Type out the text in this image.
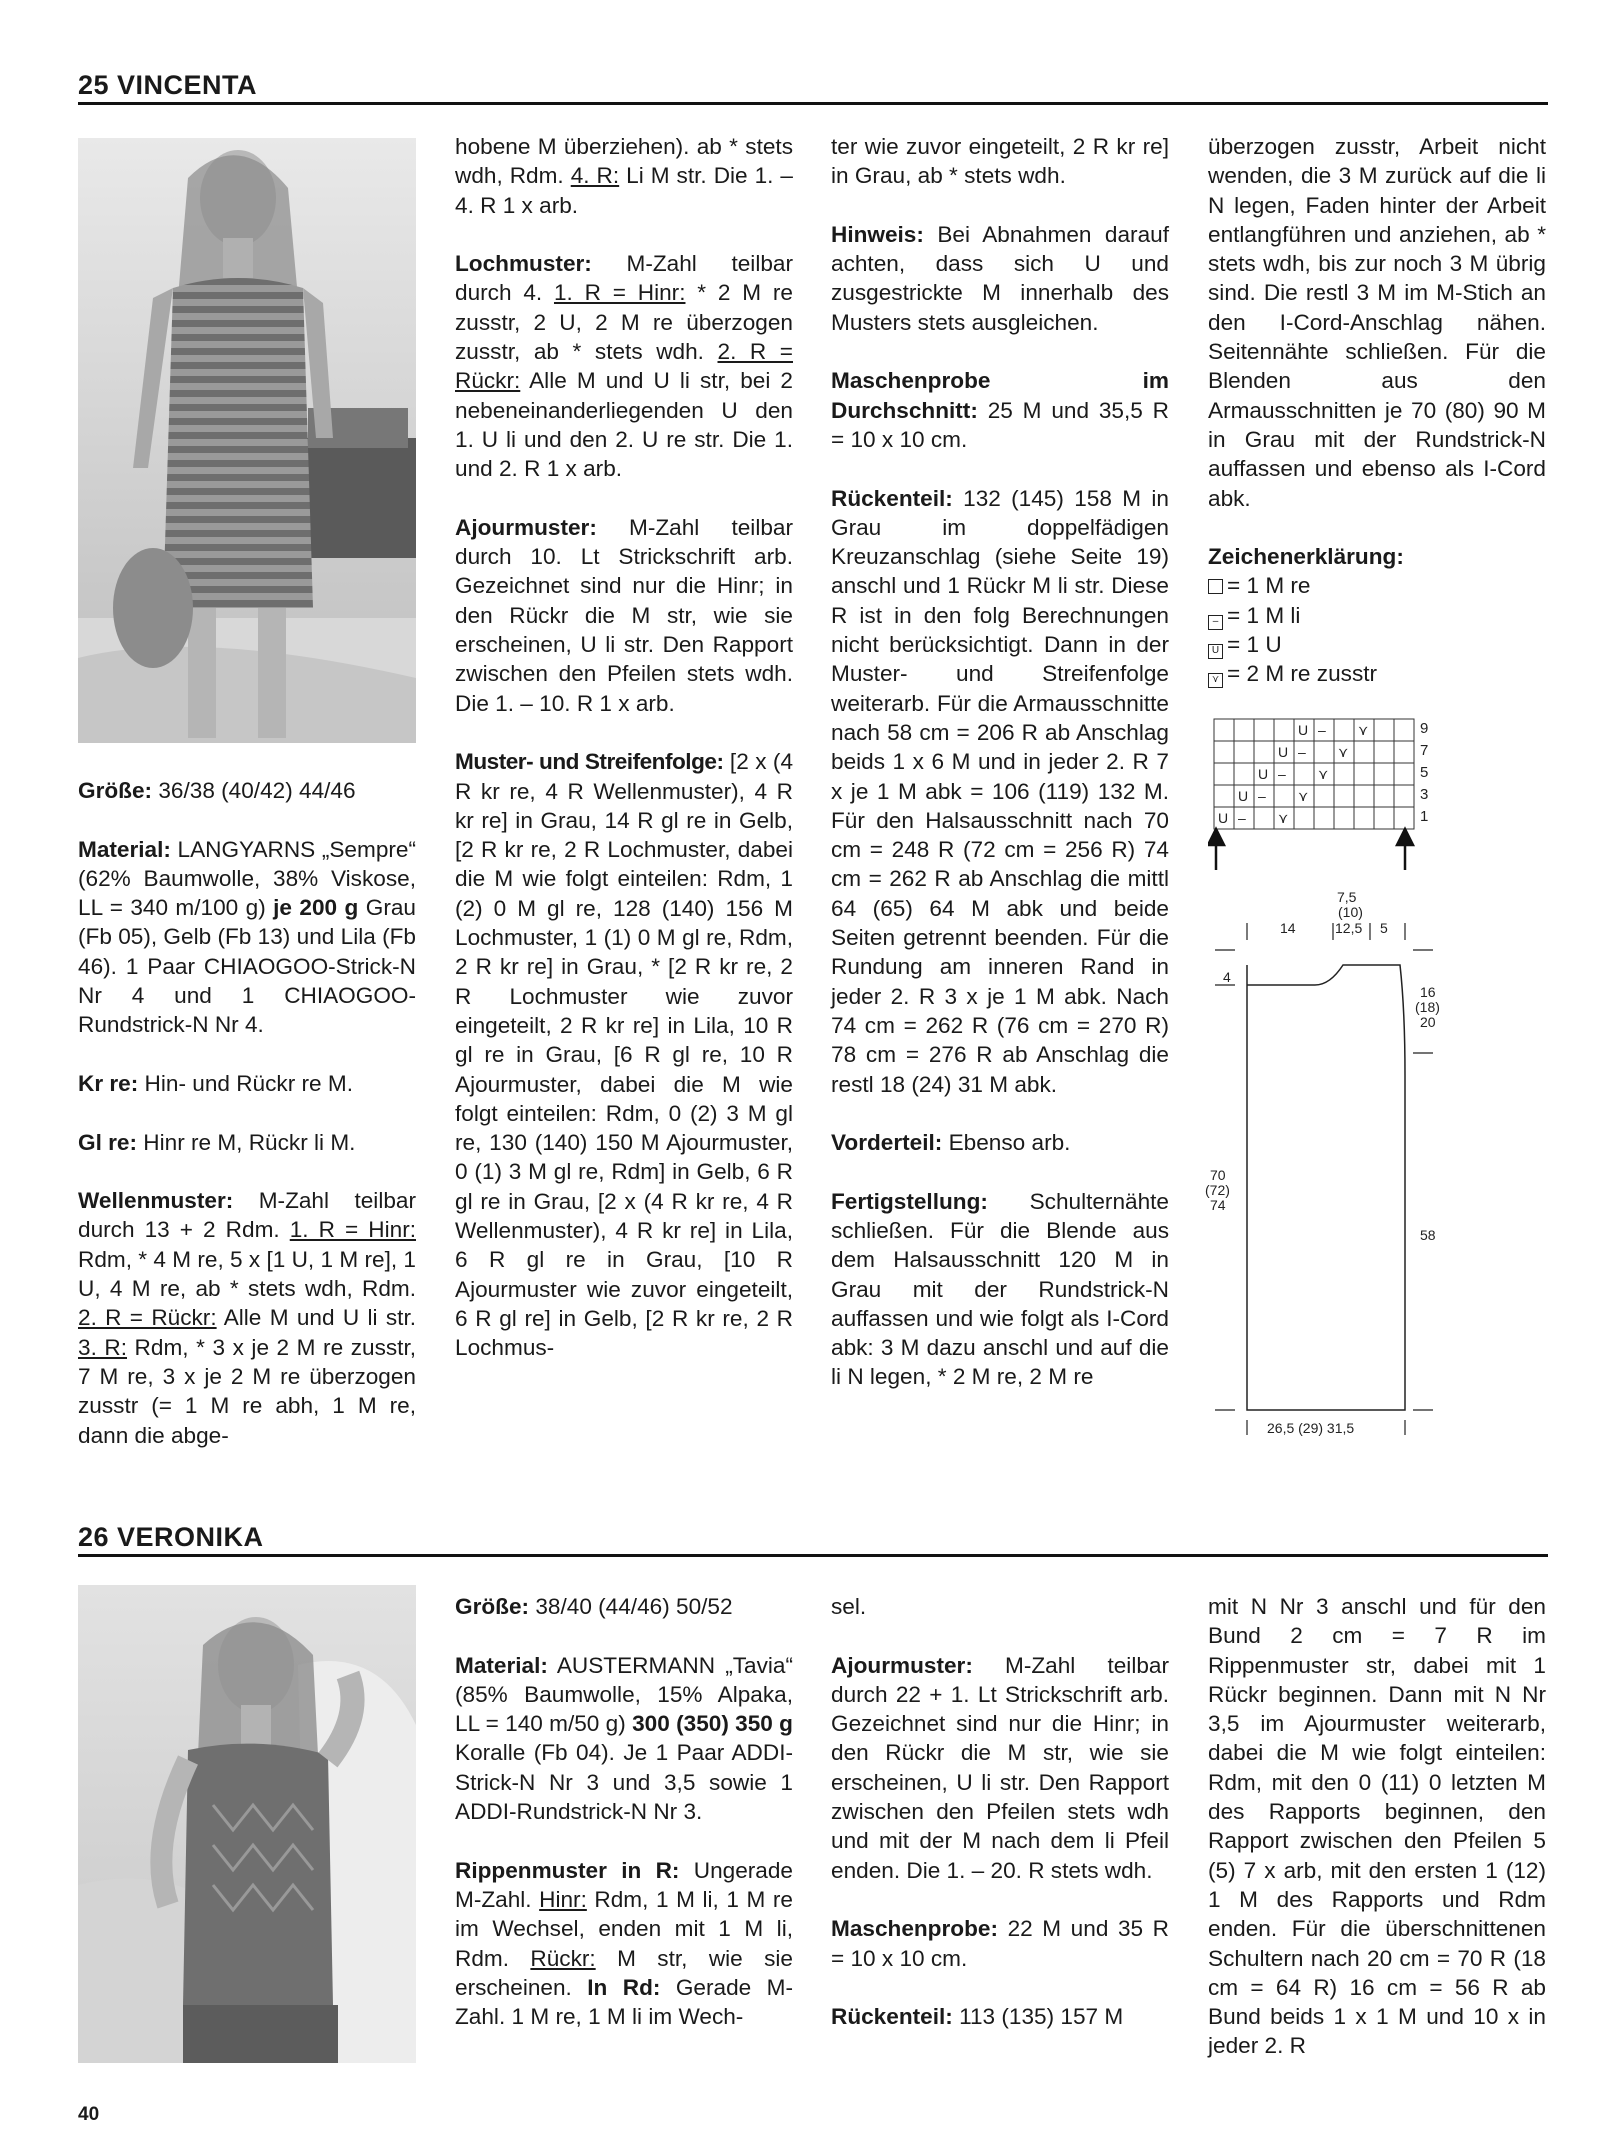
25 VINCENTA

Größe: 36/38 (40/42) 44/46

Material: LANGYARNS „Sempre“ (62% Baumwolle, 38% Viskose, LL = 340 m/100 g) je 200 g Grau (Fb 05), Gelb (Fb 13) und Lila (Fb 46). 1 Paar CHIAOGOO-Strick-N Nr 4 und 1 CHIAOGOO-Rundstrick-N Nr 4.

Kr re: Hin- und Rückr re M.

Gl re: Hinr re M, Rückr li M.

Wellenmuster: M-Zahl teilbar durch 13 + 2 Rdm. 1. R = Hinr: Rdm, * 4 M re, 5 x [1 U, 1 M re], 1 U, 4 M re, ab * stets wdh, Rdm. 2. R = Rückr: Alle M und U li str. 3. R: Rdm, * 3 x je 2 M re zusstr, 7 M re, 3 x je 2 M re überzogen zusstr (= 1 M re abh, 1 M re, dann die abge-

hobene M überziehen). ab * stets wdh, Rdm. 4. R: Li M str. Die 1. – 4. R 1 x arb.

Lochmuster: M-Zahl teilbar durch 4. 1. R = Hinr: * 2 M re zusstr, 2 U, 2 M re überzogen zusstr, ab * stets wdh. 2. R = Rückr: Alle M und U li str, bei 2 nebeneinanderliegenden U den 1. U li und den 2. U re str. Die 1. und 2. R 1 x arb.

Ajourmuster: M-Zahl teilbar durch 10. Lt Strickschrift arb. Gezeichnet sind nur die Hinr; in den Rückr die M str, wie sie erscheinen, U li str. Den Rapport zwischen den Pfeilen stets wdh. Die 1. – 10. R 1 x arb.

Muster- und Streifenfolge: [2 x (4 R kr re, 4 R Wellenmuster), 4 R kr re] in Grau, 14 R gl re in Gelb, [2 R kr re, 2 R Lochmuster, dabei die M wie folgt einteilen: Rdm, 1 (2) 0 M gl re, 128 (140) 156 M Lochmuster, 1 (1) 0 M gl re, Rdm, 2 R kr re] in Grau, * [2 R kr re, 2 R Lochmuster wie zuvor eingeteilt, 2 R kr re] in Lila, 10 R gl re in Grau, [6 R gl re, 10 R Ajourmuster, dabei die M wie folgt einteilen: Rdm, 0 (2) 3 M gl re, 130 (140) 150 M Ajourmuster, 0 (1) 3 M gl re, Rdm] in Gelb, 6 R gl re in Grau, [2 x (4 R kr re, 4 R Wellenmuster), 4 R kr re] in Lila, 6 R gl re in Grau, [10 R Ajourmuster wie zuvor eingeteilt, 6 R gl re] in Gelb, [2 R kr re, 2 R Lochmus-

ter wie zuvor eingeteilt, 2 R kr re] in Grau, ab * stets wdh.

Hinweis: Bei Abnahmen darauf achten, dass sich U und zusgestrickte M innerhalb des Musters stets ausgleichen.

Maschenprobe im Durchschnitt: 25 M und 35,5 R = 10 x 10 cm.

Rückenteil: 132 (145) 158 M in Grau im doppelfädigen Kreuzanschlag (siehe Seite 19) anschl und 1 Rückr M li str. Diese R ist in den folg Berechnungen nicht berücksichtigt. Dann in der Muster- und Streifenfolge weiterarb. Für die Armausschnitte nach 58 cm = 206 R ab Anschlag beids 1 x 6 M und in jeder 2. R 7 x je 1 M abk = 106 (119) 132 M. Für den Halsausschnitt nach 70 cm = 248 R (72 cm = 256 R) 74 cm = 262 R ab Anschlag die mittl 64 (65) 64 M abk und beide Seiten getrennt beenden. Für die Rundung am inneren Rand in jeder 2. R 3 x je 1 M abk. Nach 74 cm = 262 R (76 cm = 270 R) 78 cm = 276 R ab Anschlag die restl 18 (24) 31 M abk.

Vorderteil: Ebenso arb.

Fertigstellung: Schulternähte schließen. Für die Blende aus dem Halsausschnitt 120 M in Grau mit der Rundstrick-N auffassen und wie folgt als I-Cord abk: 3 M dazu anschl und auf die li N legen, * 2 M re, 2 M re

überzogen zusstr, Arbeit nicht wenden, die 3 M zurück auf die li N legen, Faden hinter der Arbeit entlangführen und anziehen, ab * stets wdh, bis zur noch 3 M übrig sind. Die restl 3 M im M-Stich an den I-Cord-Anschlag nähen. Seitennähte schließen. Für die Blenden aus den Armausschnitten je 70 (80) 90 M in Grau mit der Rundstrick-N auffassen und ebenso als I-Cord abk.

Zeichenerklärung:
= 1 M re
– = 1 M li
U = 1 U
⋎ = 2 M re zusstr

U – ⋎
U – ⋎
U – ⋎
U – ⋎
U – ⋎
9
7
5
3
1
7,5
(10)
12,5
14	5
4
16
(18)
20
70
(72)
74
58
26,5 (29) 31,5
26 VERONIKA

Größe: 38/40 (44/46) 50/52

Material: AUSTERMANN „Tavia“ (85% Baumwolle, 15% Alpaka, LL = 140 m/50 g) 300 (350) 350 g Koralle (Fb 04). Je 1 Paar ADDI-Strick-N Nr 3 und 3,5 sowie 1 ADDI-Rundstrick-N Nr 3.

Rippenmuster in R: Ungerade M-Zahl. Hinr: Rdm, 1 M li, 1 M re im Wechsel, enden mit 1 M li, Rdm. Rückr: M str, wie sie erscheinen. In Rd: Gerade M-Zahl. 1 M re, 1 M li im Wech-

sel.

Ajourmuster: M-Zahl teilbar durch 22 + 1. Lt Strickschrift arb. Gezeichnet sind nur die Hinr; in den Rückr die M str, wie sie erscheinen, U li str. Den Rapport zwischen den Pfeilen stets wdh und mit der M nach dem li Pfeil enden. Die 1. – 20. R stets wdh.

Maschenprobe: 22 M und 35 R = 10 x 10 cm.

Rückenteil: 113 (135) 157 M

mit N Nr 3 anschl und für den Bund 2 cm = 7 R im Rippenmuster str, dabei mit 1 Rückr beginnen. Dann mit N Nr 3,5 im Ajourmuster weiterarb, dabei die M wie folgt einteilen: Rdm, mit den 0 (11) 0 letzten M des Rapports beginnen, den Rapport zwischen den Pfeilen 5 (5) 7 x arb, mit den ersten 1 (12) 1 M des Rapports und Rdm enden. Für die überschnittenen Schultern nach 20 cm = 70 R (18 cm = 64 R) 16 cm = 56 R ab Bund beids 1 x 1 M und 10 x in jeder 2. R

40
